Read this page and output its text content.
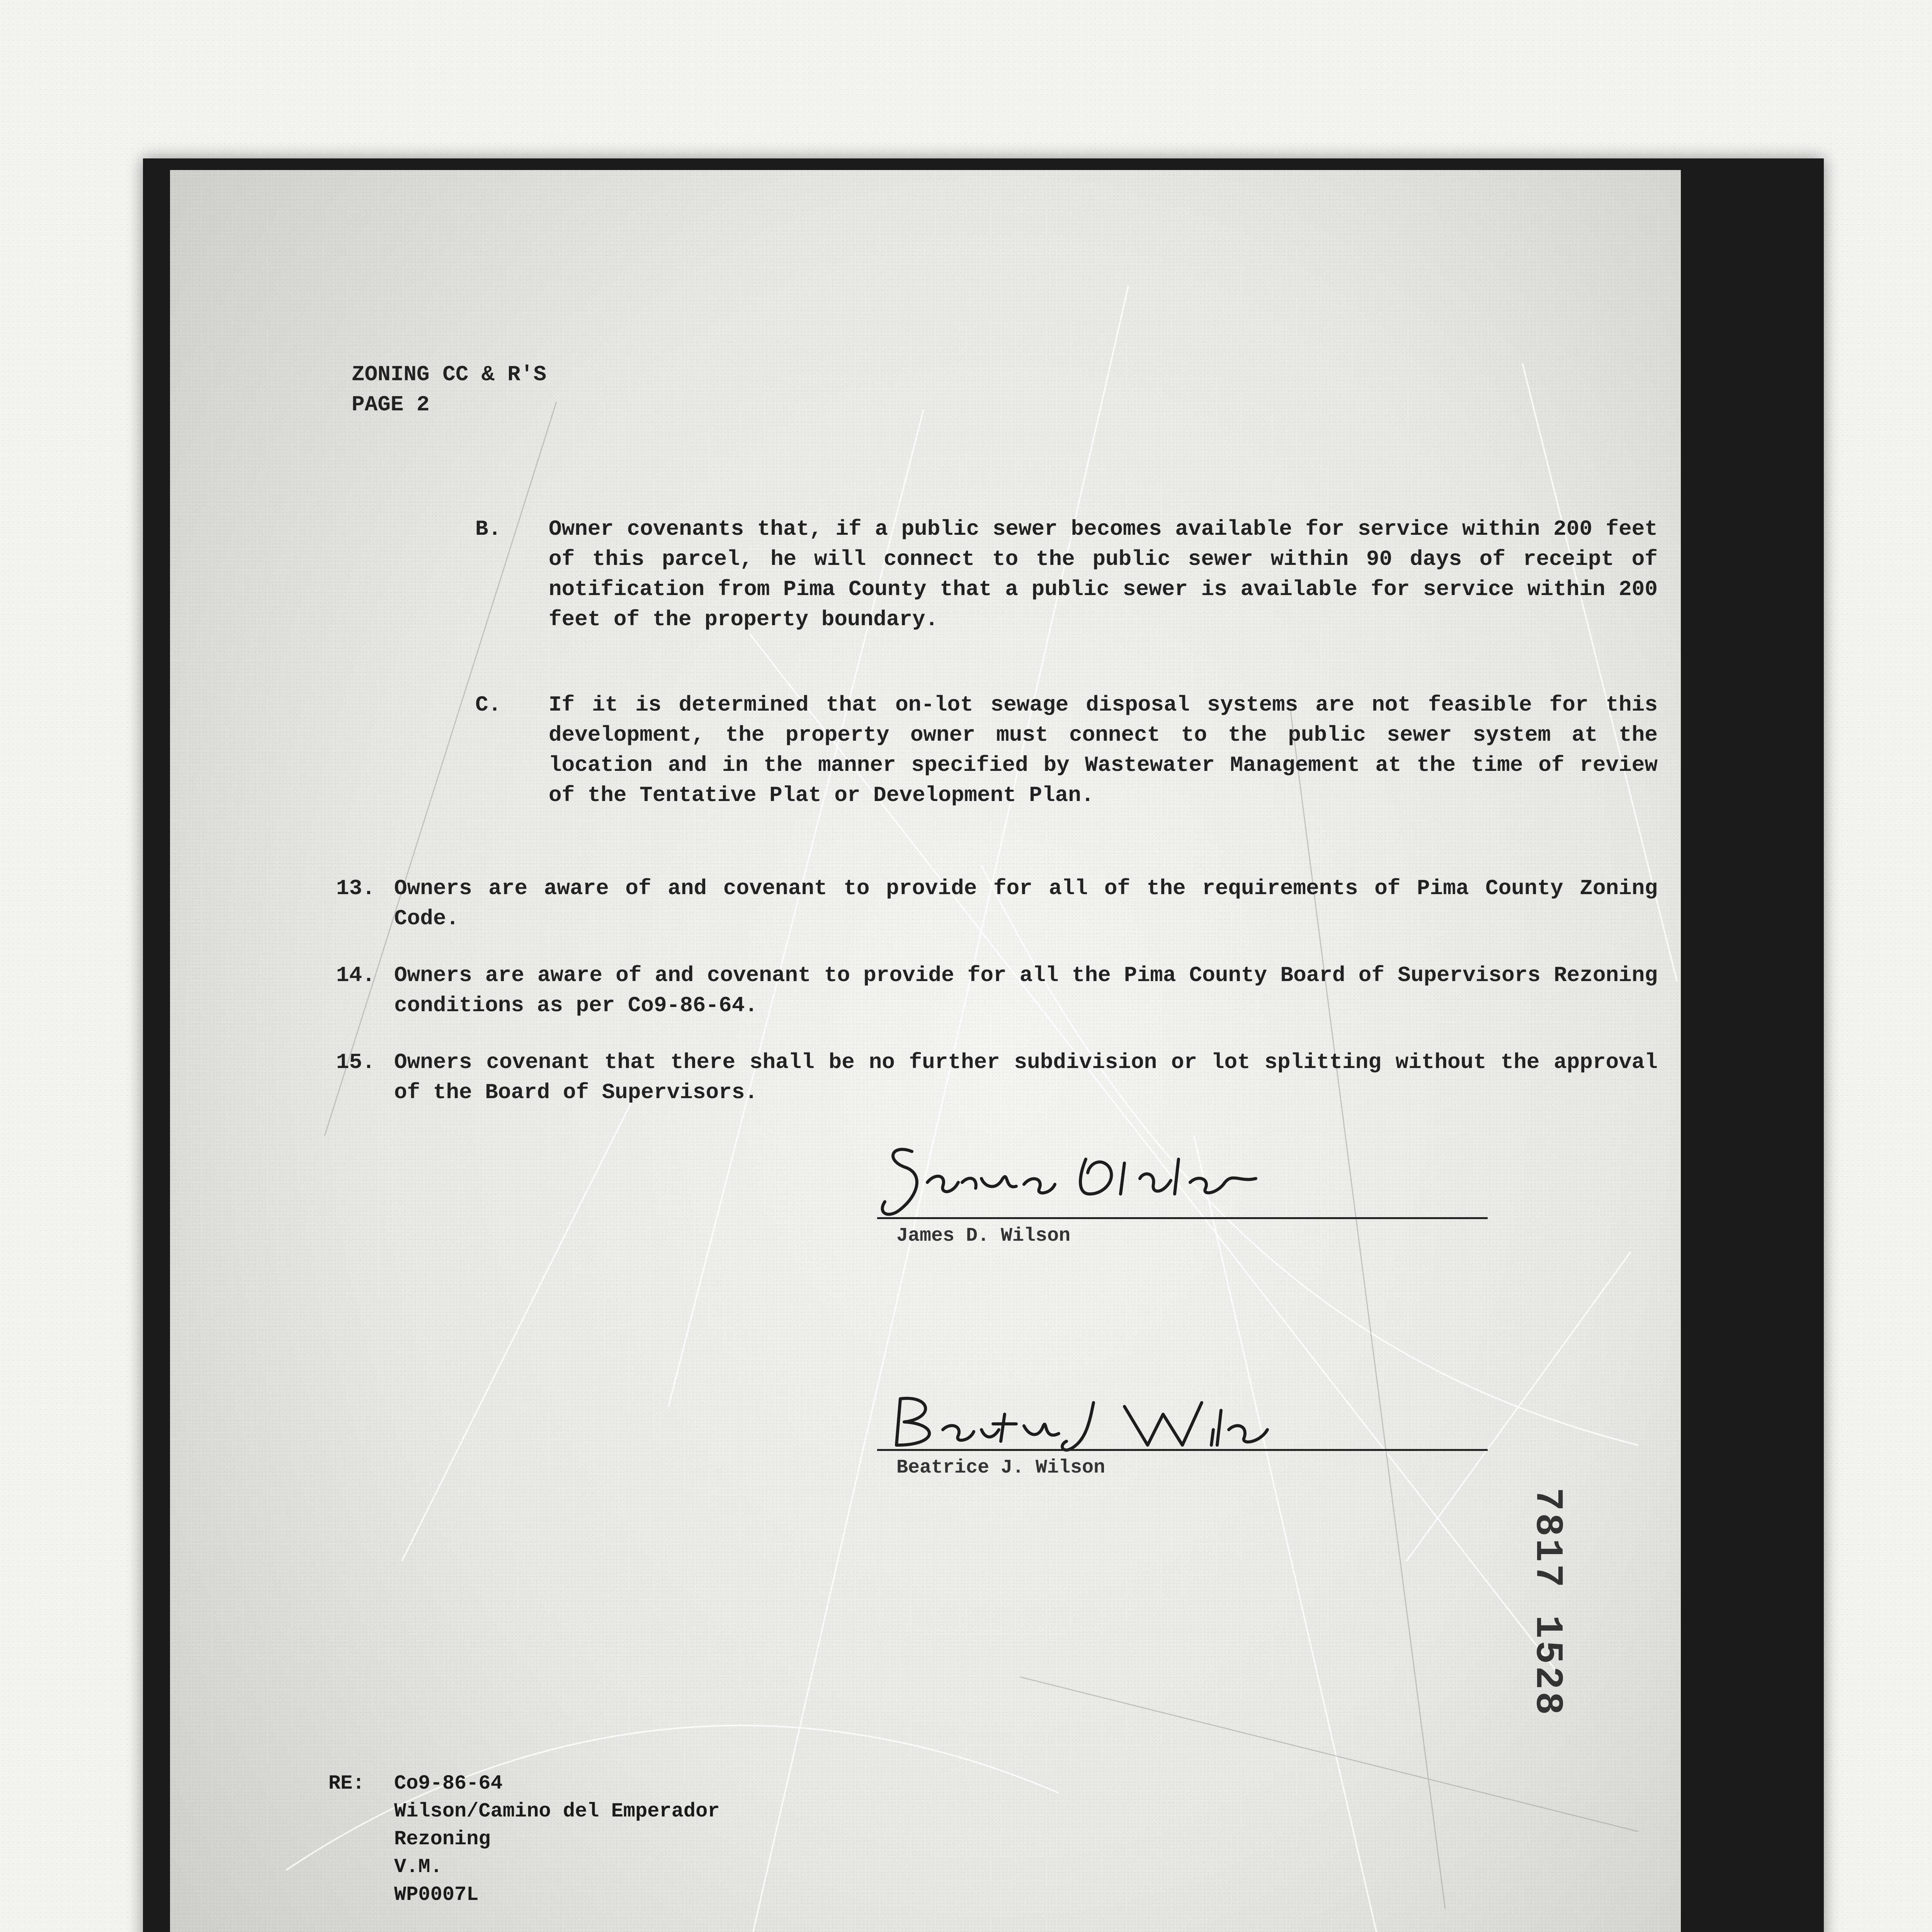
ZONING CC & R'S
PAGE 2
B. Owner covenants that, if a public sewer becomes available for service within 200 feet of this parcel, he will connect to the public sewer within 90 days of receipt of notification from Pima County that a public sewer is available for service within 200 feet of the property boundary.
C. If it is determined that on-lot sewage disposal systems are not feasible for this development, the property owner must connect to the public sewer system at the location and in the manner specified by Wastewater Management at the time of review of the Tentative Plat or Development Plan.
13. Owners are aware of and covenant to provide for all of the requirements of Pima County Zoning Code.
14. Owners are aware of and covenant to provide for all the Pima County Board of Supervisors Rezoning conditions as per Co9-86-64.
15. Owners covenant that there shall be no further subdivision or lot splitting without the approval of the Board of Supervisors.
James D. Wilson
Beatrice J. Wilson
7817 1528
RE: Co9-86-64
Wilson/Camino del Emperador
Rezoning
V.M.
WP0007L
